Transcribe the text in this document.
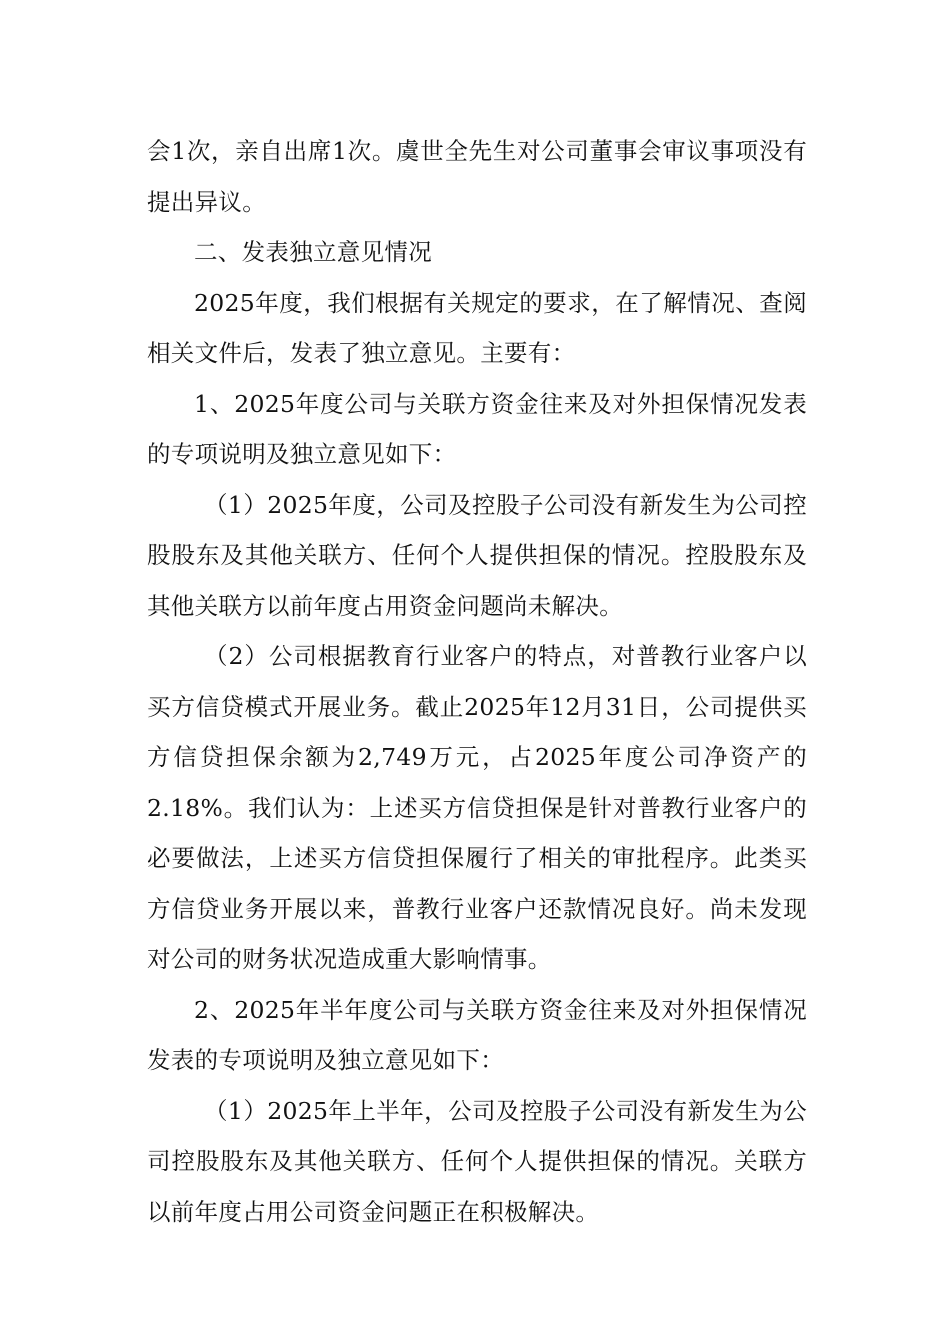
会1次，亲自出席1次。虞世全先生对公司董事会审议事项没有提出异议。

二、发表独立意见情况

2025年度，我们根据有关规定的要求，在了解情况、查阅相关文件后，发表了独立意见。主要有：

1、2025年度公司与关联方资金往来及对外担保情况发表的专项说明及独立意见如下：

（1）2025年度，公司及控股子公司没有新发生为公司控股股东及其他关联方、任何个人提供担保的情况。控股股东及其他关联方以前年度占用资金问题尚未解决。

（2）公司根据教育行业客户的特点，对普教行业客户以买方信贷模式开展业务。截止2025年12月31日，公司提供买方信贷担保余额为2,749万元，占2025年度公司净资产的2.18%。我们认为：上述买方信贷担保是针对普教行业客户的必要做法，上述买方信贷担保履行了相关的审批程序。此类买方信贷业务开展以来，普教行业客户还款情况良好。尚未发现对公司的财务状况造成重大影响情事。

2、2025年半年度公司与关联方资金往来及对外担保情况发表的专项说明及独立意见如下：

（1）2025年上半年，公司及控股子公司没有新发生为公司控股股东及其他关联方、任何个人提供担保的情况。关联方以前年度占用公司资金问题正在积极解决。
